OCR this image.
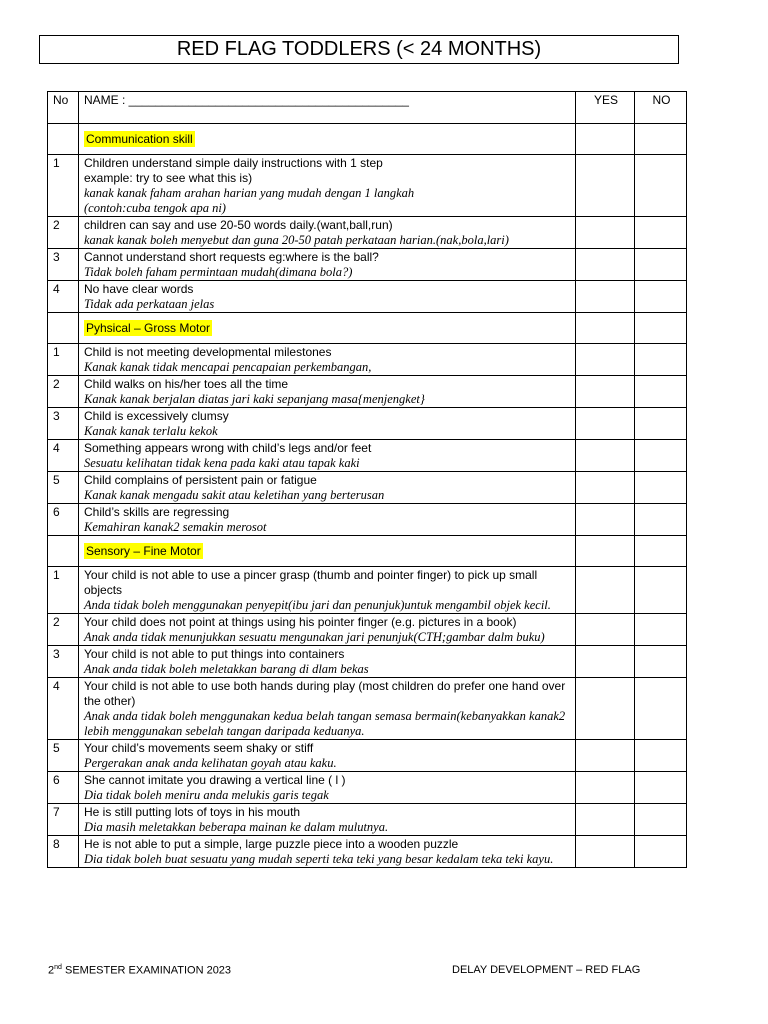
RED FLAG TODDLERS (< 24 MONTHS)
No	NAME : __________________________________________	YES	NO
	Communication skill		
1	Children understand simple daily instructions with 1 step
example: try to see what this is)
kanak kanak faham arahan harian yang mudah dengan 1 langkah
(contoh:cuba tengok apa ni)		

2	children can say and use 20-50 words daily.(want,ball,run)
kanak kanak boleh menyebut dan guna 20-50 patah perkataan harian.(nak,bola,lari)		

3	Cannot understand short requests eg:where is the ball?
Tidak boleh faham permintaan mudah(dimana bola?)		

4	No have clear words
Tidak ada perkataan jelas		

	Pyhsical – Gross Motor		
1	Child is not meeting developmental milestones
Kanak kanak tidak mencapai pencapaian perkembangan,		

2	Child walks on his/her toes all the time
Kanak kanak berjalan diatas jari kaki sepanjang masa{menjengket}		

3	Child is excessively clumsy
Kanak kanak terlalu kekok		

4	Something appears wrong with child’s legs and/or feet
Sesuatu kelihatan tidak kena pada kaki atau tapak kaki		

5	Child complains of persistent pain or fatigue
Kanak kanak mengadu sakit atau keletihan yang berterusan		

6	Child’s skills are regressing
Kemahiran kanak2 semakin merosot		

	Sensory – Fine Motor		
1	Your child is not able to use a pincer grasp (thumb and pointer finger) to pick up small objects
Anda tidak boleh menggunakan penyepit(ibu jari dan penunjuk)untuk mengambil objek kecil.		

2	Your child does not point at things using his pointer finger (e.g. pictures in a book)
Anak anda tidak menunjukkan sesuatu mengunakan jari penunjuk(CTH;gambar dalm buku)		

3	Your child is not able to put things into containers
Anak anda tidak boleh meletakkan barang di dlam bekas		

4	Your child is not able to use both hands during play (most children do prefer one hand over the other)
Anak anda tidak boleh menggunakan kedua belah tangan semasa bermain(kebanyakkan kanak2 lebih menggunakan sebelah tangan daripada keduanya.		

5	Your child’s movements seem shaky or stiff
Pergerakan anak anda kelihatan goyah atau kaku.		

6	She cannot imitate you drawing a vertical line ( l )
Dia tidak boleh meniru anda melukis garis tegak		

7	He is still putting lots of toys in his mouth
Dia masih meletakkan beberapa mainan ke dalam mulutnya.		

8	He is not able to put a simple, large puzzle piece into a wooden puzzle
Dia tidak boleh buat sesuatu yang mudah seperti teka teki yang besar kedalam teka teki kayu.		

2nd SEMESTER EXAMINATION 2023	DELAY DEVELOPMENT – RED FLAG
